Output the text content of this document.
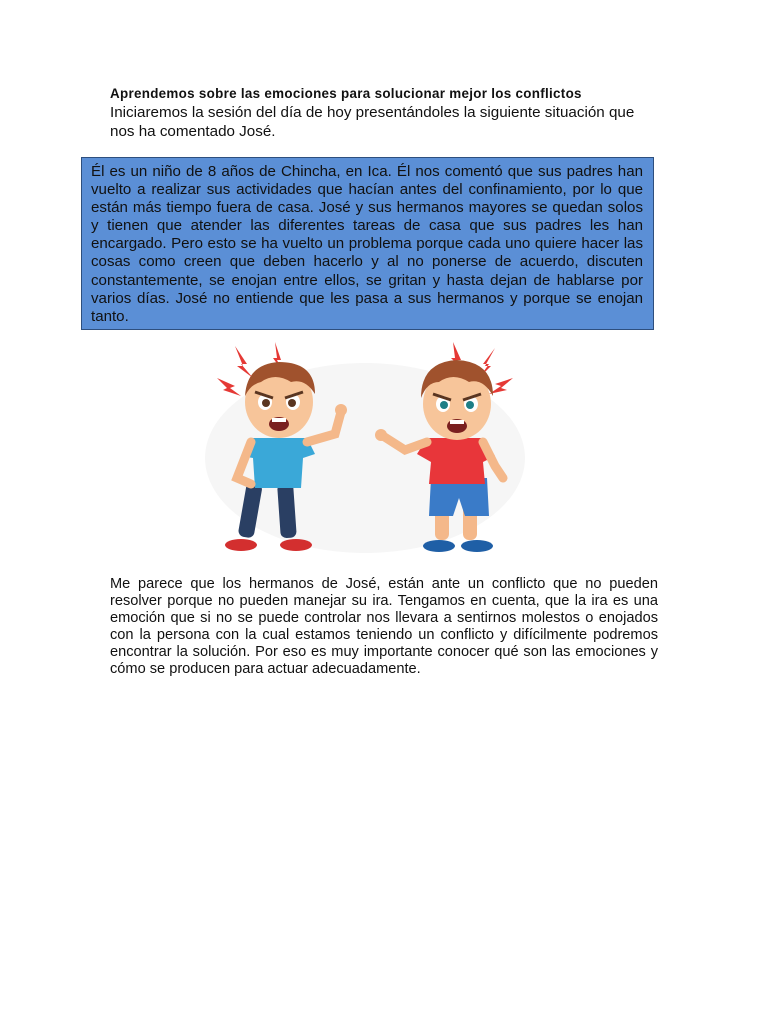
Aprendemos sobre las emociones para solucionar mejor los conflictos
Iniciaremos la sesión del día de hoy presentándoles la siguiente situación que nos ha comentado José.
Él es un niño de 8 años de Chincha, en Ica. Él nos comentó que sus padres han vuelto a realizar sus actividades que hacían antes del confinamiento, por lo que están más tiempo fuera de casa. José y sus hermanos mayores se quedan solos y tienen que atender las diferentes tareas de casa que sus padres les han encargado. Pero esto se ha vuelto un problema porque cada uno quiere hacer las cosas como creen que deben hacerlo y al no ponerse de acuerdo, discuten constantemente, se enojan entre ellos, se gritan y hasta dejan de hablarse por varios días. José no entiende que les pasa a sus hermanos y porque se enojan tanto.
Me parece que los hermanos de José, están ante un conflicto que no pueden resolver porque no pueden manejar su ira. Tengamos en cuenta, que la ira es una emoción que si no se puede controlar nos llevara a sentirnos molestos o enojados con la persona con la cual estamos teniendo un conflicto y difícilmente podremos encontrar la solución. Por eso es muy importante conocer qué son las emociones y cómo se producen para actuar adecuadamente.
